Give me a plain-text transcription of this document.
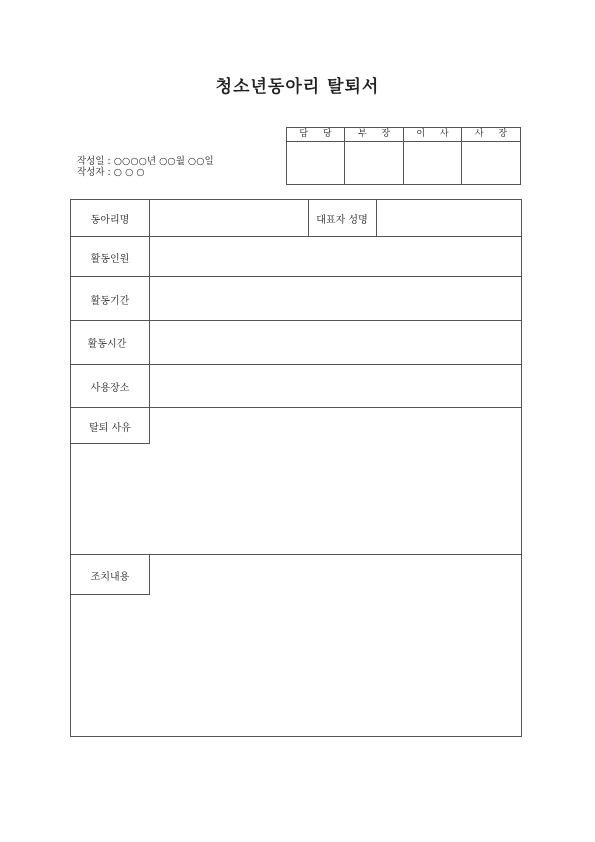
청소년동아리 탈퇴서
작성일 : ○○○○년 ○○월 ○○일
작성자 : ○ ○ ○
담 당	부 장	이 사	사 장
동아리명	대표자 성명
활동인원
활동기간
활동시간
사용장소
탈퇴 사유
조치내용
